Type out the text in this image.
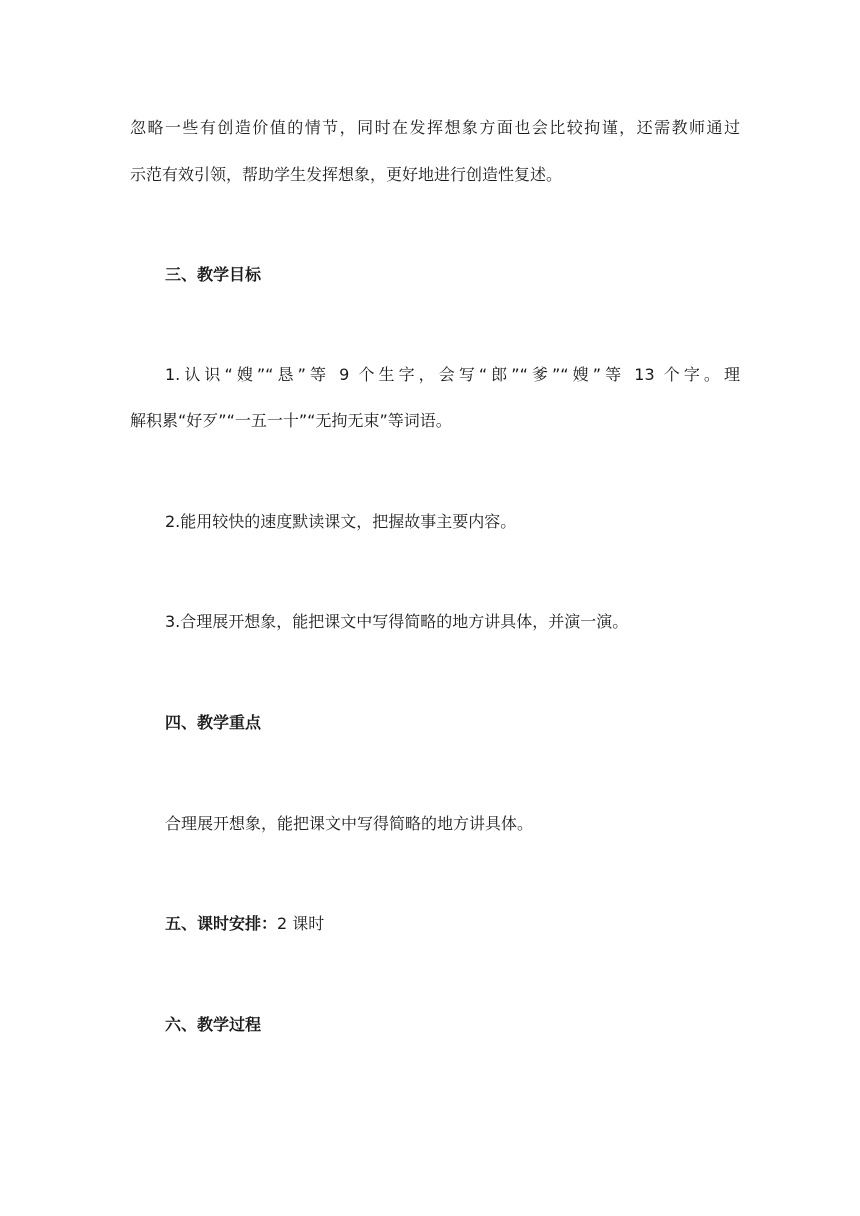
忽略一些有创造价值的情节，同时在发挥想象方面也会比较拘谨，还需教师通过
示范有效引领，帮助学生发挥想象，更好地进行创造性复述。
三、教学目标
1.认识“嫂”“恳”等 9 个生字，会写“郎”“爹”“嫂”等 13 个字。理
解积累“好歹”“一五一十”“无拘无束”等词语。
2.能用较快的速度默读课文，把握故事主要内容。
3.合理展开想象，能把课文中写得简略的地方讲具体，并演一演。
四、教学重点
合理展开想象，能把课文中写得简略的地方讲具体。
五、课时安排：2 课时
六、教学过程
